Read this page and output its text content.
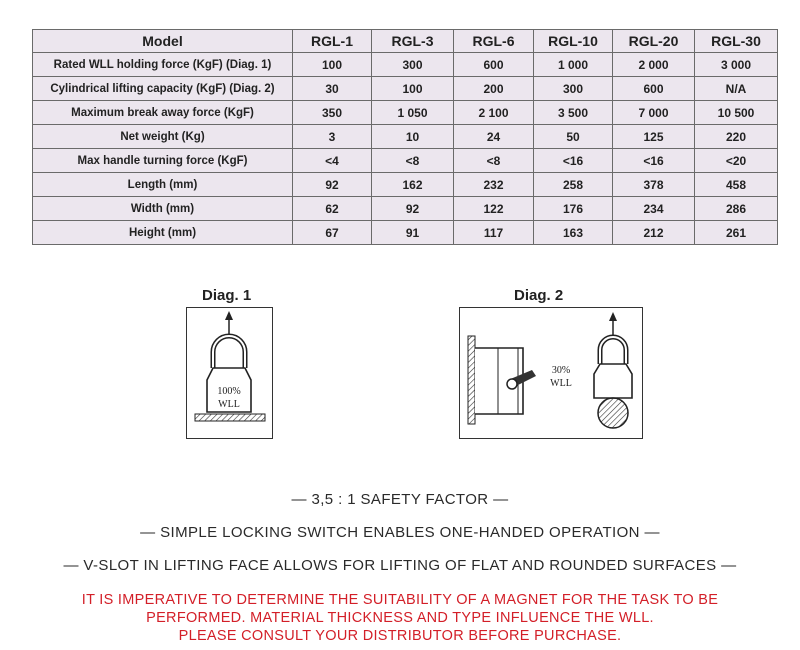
Model	RGL-1	RGL-3	RGL-6	RGL-10	RGL-20	RGL-30
Rated WLL holding force (KgF) (Diag. 1)	100	300	600	1 000	2 000	3 000
Cylindrical lifting capacity (KgF) (Diag. 2)	30	100	200	300	600	N/A
Maximum break away force (KgF)	350	1 050	2 100	3 500	7 000	10 500
Net weight (Kg)	3	10	24	50	125	220
Max handle turning force (KgF)	<4	<8	<8	<16	<16	<20
Length (mm)	92	162	232	258	378	458
Width (mm)	62	92	122	176	234	286
Height (mm)	67	91	117	163	212	261
Diag. 1
100%
WLL
Diag. 2
30%
WLL
— 3,5 : 1 SAFETY FACTOR —
— SIMPLE LOCKING SWITCH ENABLES ONE-HANDED OPERATION —
— V-SLOT IN LIFTING FACE ALLOWS FOR LIFTING OF FLAT AND ROUNDED SURFACES —
IT IS IMPERATIVE TO DETERMINE THE SUITABILITY OF A MAGNET FOR THE TASK TO BE
PERFORMED. MATERIAL THICKNESS AND TYPE INFLUENCE THE WLL.
PLEASE CONSULT YOUR DISTRIBUTOR BEFORE PURCHASE.
